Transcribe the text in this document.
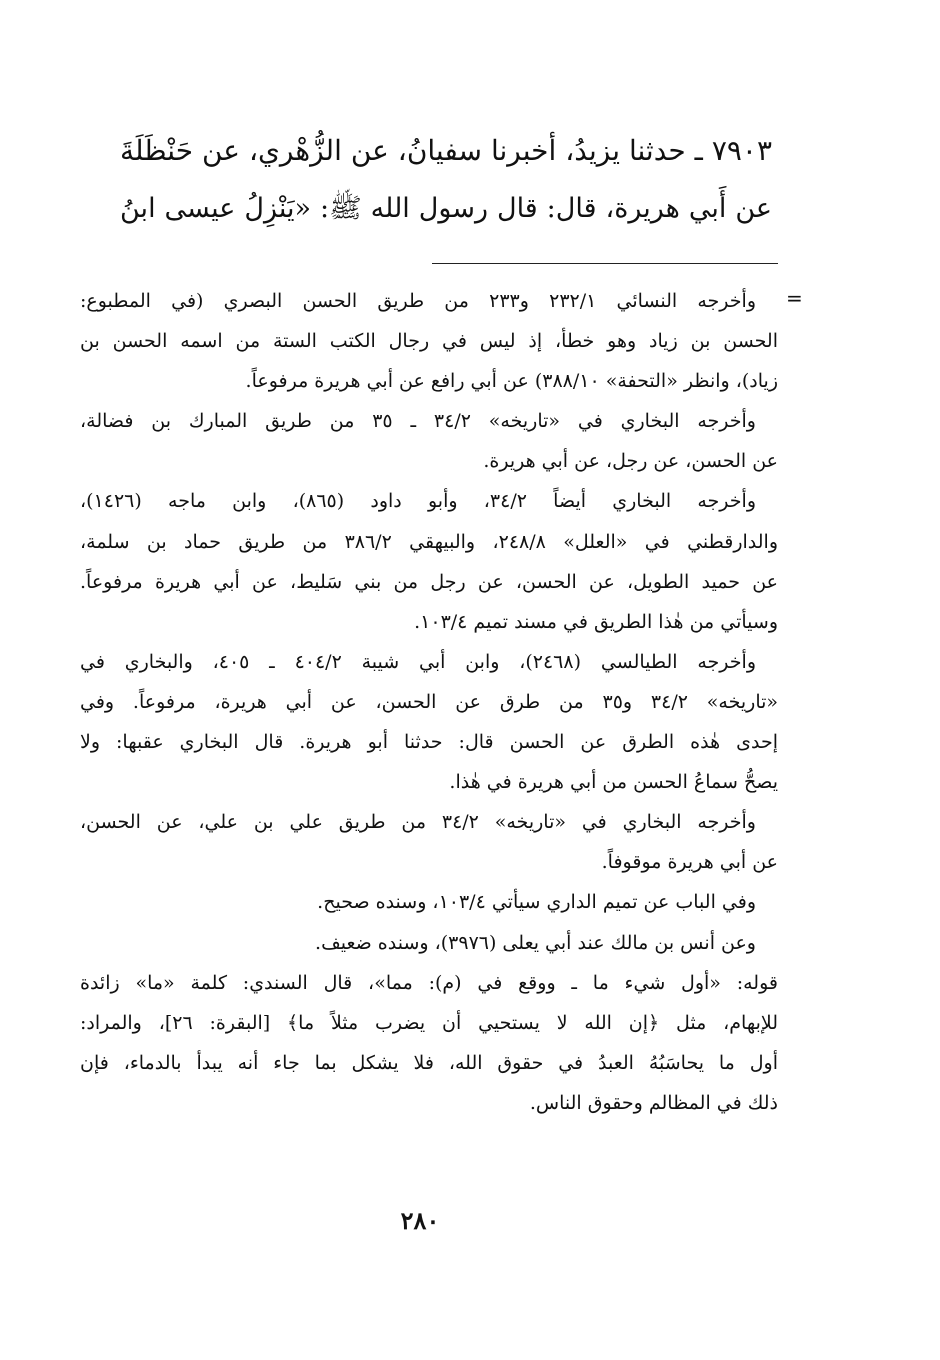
٧٩٠٣ ـ حدثنا يزيدُ، أخبرنا سفيانُ، عن الزُّهْري، عن حَنْظَلَةَ
عن أَبي هريرة، قال: قال رسول الله ﷺ: «يَنْزِلُ عيسى ابنُ
=
وأخرجه النسائي ٢٣٢/١ و٢٣٣ من طريق الحسن البصري (في المطبوع:
الحسن بن زياد وهو خطأ، إذ ليس في رجال الكتب الستة من اسمه الحسن بن
زياد)، وانظر «التحفة» ٣٨٨/١٠) عن أبي رافع عن أبي هريرة مرفوعاً.
وأخرجه البخاري في «تاريخه» ٣٤/٢ ـ ٣٥ من طريق المبارك بن فضالة،
عن الحسن، عن رجل، عن أبي هريرة.
وأخرجه البخاري أيضاً ٣٤/٢، وأبو داود (٨٦٥)، وابن ماجه (١٤٢٦)،
والدارقطني في «العلل» ٢٤٨/٨، والبيهقي ٣٨٦/٢ من طريق حماد بن سلمة،
عن حميد الطويل، عن الحسن، عن رجل من بني سَليط، عن أبي هريرة مرفوعاً.
وسيأتي من هٰذا الطريق في مسند تميم ١٠٣/٤.
وأخرجه الطيالسي (٢٤٦٨)، وابن أبي شيبة ٤٠٤/٢ ـ ٤٠٥، والبخاري في
«تاريخه» ٣٤/٢ و٣٥ من طرق عن الحسن، عن أبي هريرة، مرفوعاً. وفي
إحدى هٰذه الطرق عن الحسن قال: حدثنا أبو هريرة. قال البخاري عقبها: ولا
يصحُّ سماعُ الحسن من أبي هريرة في هٰذا.
وأخرجه البخاري في «تاريخه» ٣٤/٢ من طريق علي بن علي، عن الحسن،
عن أبي هريرة موقوفاً.
وفي الباب عن تميم الداري سيأتي ١٠٣/٤، وسنده صحيح.
وعن أنس بن مالك عند أبي يعلى (٣٩٧٦)، وسنده ضعيف.
قوله: «أول شيء ما ـ ووقع في (م): مما»، قال السندي: كلمة «ما» زائدة
للإبهام، مثل ﴿إن الله لا يستحيي أن يضرب مثلاً ما﴾ [البقرة: ٢٦]، والمراد:
أول ما يحاسَبُهُ العبدُ في حقوق الله، فلا يشكل بما جاء أنه يبدأ بالدماء، فإن
ذلك في المظالم وحقوق الناس.
٢٨٠
